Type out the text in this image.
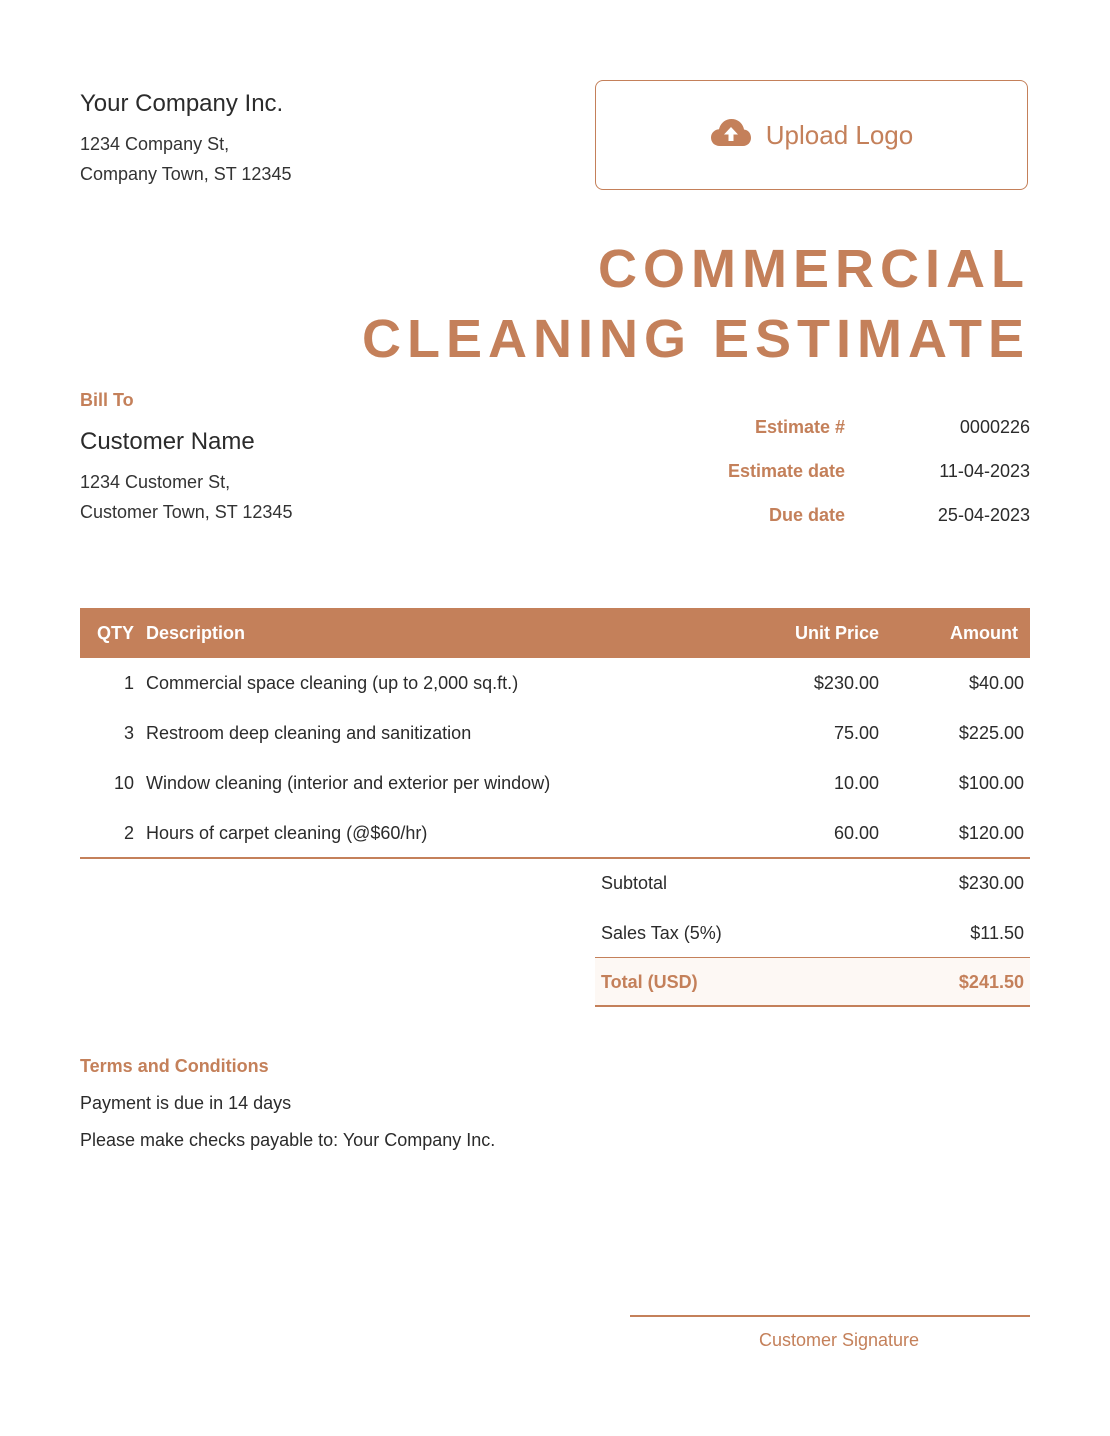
Your Company Inc.
1234 Company St,
Company Town, ST 12345
Upload Logo
COMMERCIAL
CLEANING ESTIMATE
Bill To
Customer Name
1234 Customer St,
Customer Town, ST 12345
Estimate #	0000226
Estimate date	11-04-2023
Due date	25-04-2023
QTY Description	Unit Price	Amount
1 Commercial space cleaning (up to 2,000 sq.ft.)	$230.00	$40.00
3 Restroom deep cleaning and sanitization	75.00	$225.00
10 Window cleaning (interior and exterior per window)	10.00	$100.00
2 Hours of carpet cleaning (@$60/hr)	60.00	$120.00
Subtotal	$230.00
Sales Tax (5%)	$11.50
Total (USD)	$241.50
Terms and Conditions
Payment is due in 14 days
Please make checks payable to: Your Company Inc.
Customer Signature
